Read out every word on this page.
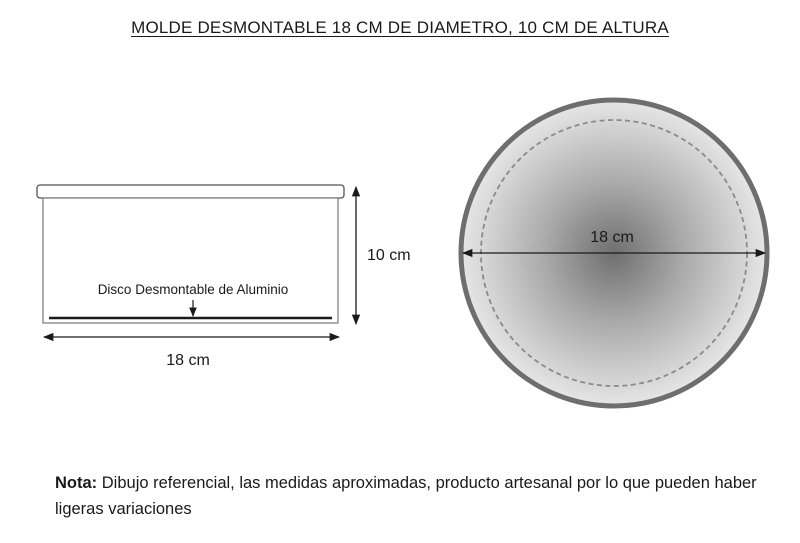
MOLDE DESMONTABLE 18 CM DE DIAMETRO, 10 CM DE ALTURA
Disco Desmontable de Aluminio
10 cm
18 cm
18 cm
Nota: Dibujo referencial, las medidas aproximadas, producto artesanal por lo que pueden haber ligeras variaciones
